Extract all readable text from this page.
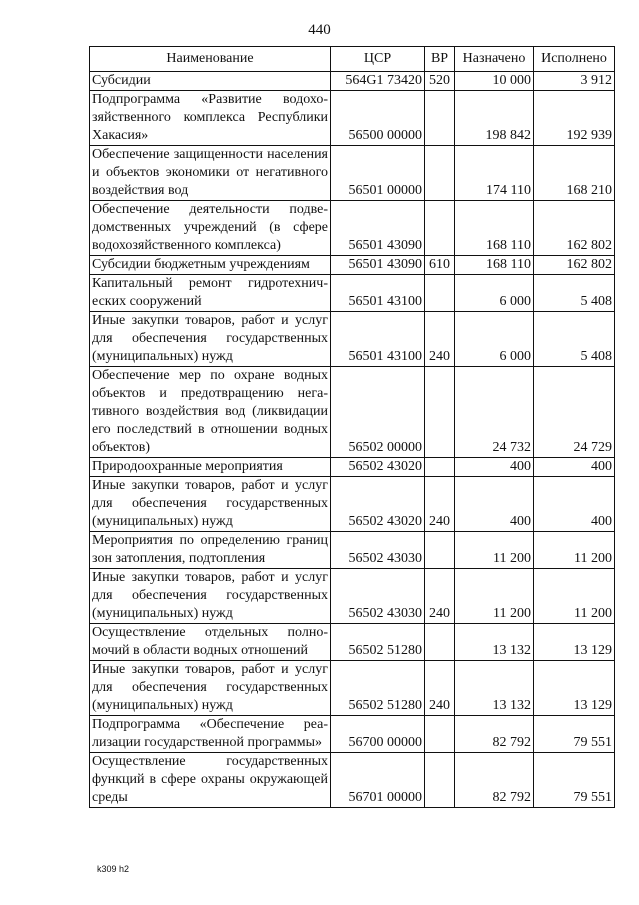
440
Наименование	ЦСР	ВР	Назначено	Исполнено
Субсидии	564G1 73420	520	10 000	3 912
Подпрограмма «Развитие водохозяйственного комплекса Республики Хакасия»	56500 00000		198 842	192 939
Обеспечение защищенности населения и объектов экономики от негативного воздействия вод	56501 00000		174 110	168 210
Обеспечение деятельности подведомственных учреждений (в сфере водохозяйственного комплекса)	56501 43090		168 110	162 802
Субсидии бюджетным учреждениям	56501 43090	610	168 110	162 802
Капитальный ремонт гидротехнических сооружений	56501 43100		6 000	5 408
Иные закупки товаров, работ и услуг для обеспечения государственных (муниципальных) нужд	56501 43100	240	6 000	5 408
Обеспечение мер по охране водных объектов и предотвращению негативного воздействия вод (ликвидации его последствий в отношении водных объектов)	56502 00000		24 732	24 729
Природоохранные мероприятия	56502 43020		400	400
Иные закупки товаров, работ и услуг для обеспечения государственных (муниципальных) нужд	56502 43020	240	400	400
Мероприятия по определению границ зон затопления, подтопления	56502 43030		11 200	11 200
Иные закупки товаров, работ и услуг для обеспечения государственных (муниципальных) нужд	56502 43030	240	11 200	11 200
Осуществление отдельных полномочий в области водных отношений	56502 51280		13 132	13 129
Иные закупки товаров, работ и услуг для обеспечения государственных (муниципальных) нужд	56502 51280	240	13 132	13 129
Подпрограмма «Обеспечение реализации государственной программы»	56700 00000		82 792	79 551
Осуществление государственных функций в сфере охраны окружающей среды	56701 00000		82 792	79 551
k309 h2
